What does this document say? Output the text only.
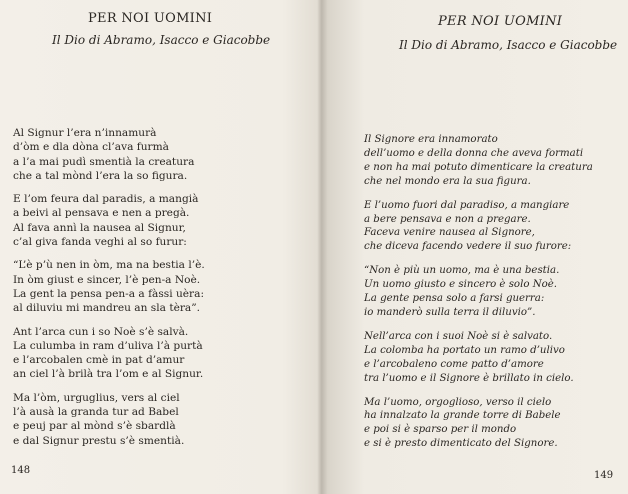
PER NOI UOMINI
Il Dio di Abramo, Isacco e Giacobbe
Al Signur l’era n’innamurà
d’òm e dla dòna cl’ava furmà
a l’a mai pudì smentià la creatura
che a tal mònd l’era la so figura.
E l’om feura dal paradis, a mangià
a beivi al pensava e nen a pregà.
Al fava annì la nausea al Signur,
c’al giva fanda veghi al so furur:
“L’è p’ù nen in òm, ma na bestia l’è.
In òm giust e sincer, l’è pen-a Noè.
La gent la pensa pen-a a fàssi uèra:
al diluviu mi mandreu an sla tèra”.
Ant l’arca cun i so Noè s’è salvà.
La culumba in ram d’uliva l’à purtà
e l’arcobalen cmè in pat d’amur
an ciel l’à brilà tra l’om e al Signur.
Ma l’òm, urguglius, vers al ciel
l’à ausà la granda tur ad Babel
e peuj par al mònd s’è sbardlà
e dal Signur prestu s’è smentià.
148
PER NOI UOMINI
Il Dio di Abramo, Isacco e Giacobbe
Il Signore era innamorato
dell’uomo e della donna che aveva formati
e non ha mai potuto dimenticare la creatura
che nel mondo era la sua figura.
E l’uomo fuori dal paradiso, a mangiare
a bere pensava e non a pregare.
Faceva venire nausea al Signore,
che diceva facendo vedere il suo furore:
“Non è più un uomo, ma è una bestia.
Un uomo giusto e sincero è solo Noè.
La gente pensa solo a farsi guerra:
io manderò sulla terra il diluvio”.
Nell’arca con i suoi Noè si è salvato.
La colomba ha portato un ramo d’ulivo
e l’arcobaleno come patto d’amore
tra l’uomo e il Signore è brillato in cielo.
Ma l’uomo, orgoglioso, verso il cielo
ha innalzato la grande torre di Babele
e poi si è sparso per il mondo
e si è presto dimenticato del Signore.
149
